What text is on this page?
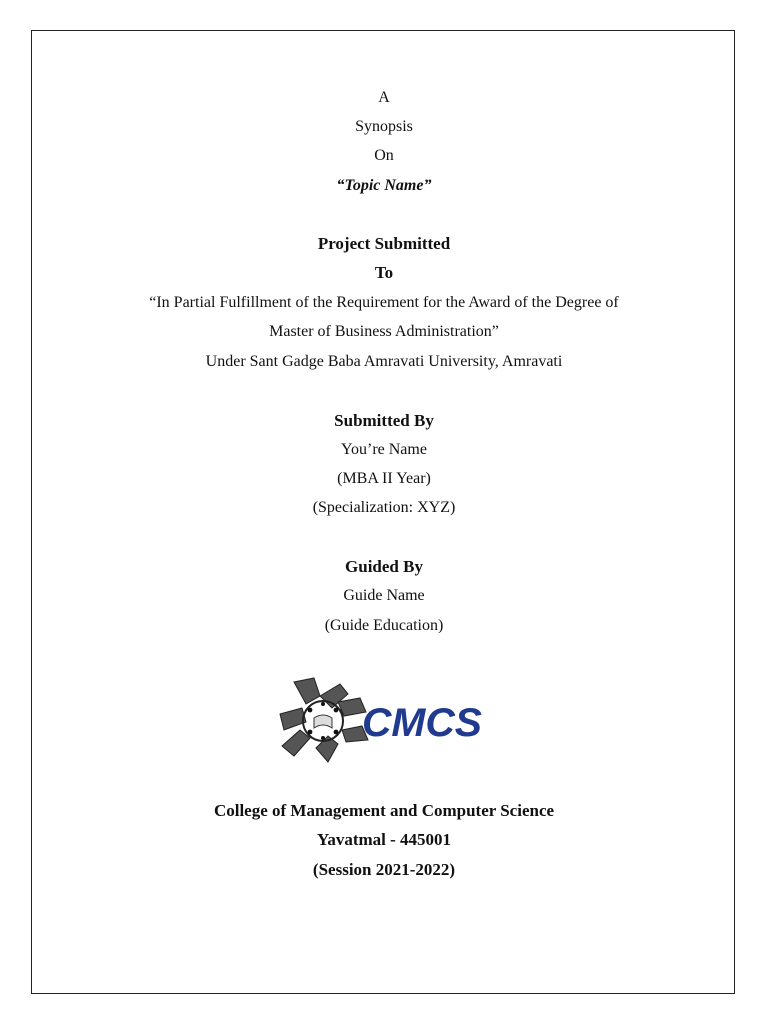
A
Synopsis
On
“Topic Name”
Project Submitted
To
“In Partial Fulfillment of the Requirement for the Award of the Degree of
Master of Business Administration”
Under Sant Gadge Baba Amravati University, Amravati
Submitted By
You’re Name
(MBA II Year)
(Specialization: XYZ)
Guided By
Guide Name
(Guide Education)
CMCS
College of Management and Computer Science
Yavatmal - 445001
(Session 2021-2022)
